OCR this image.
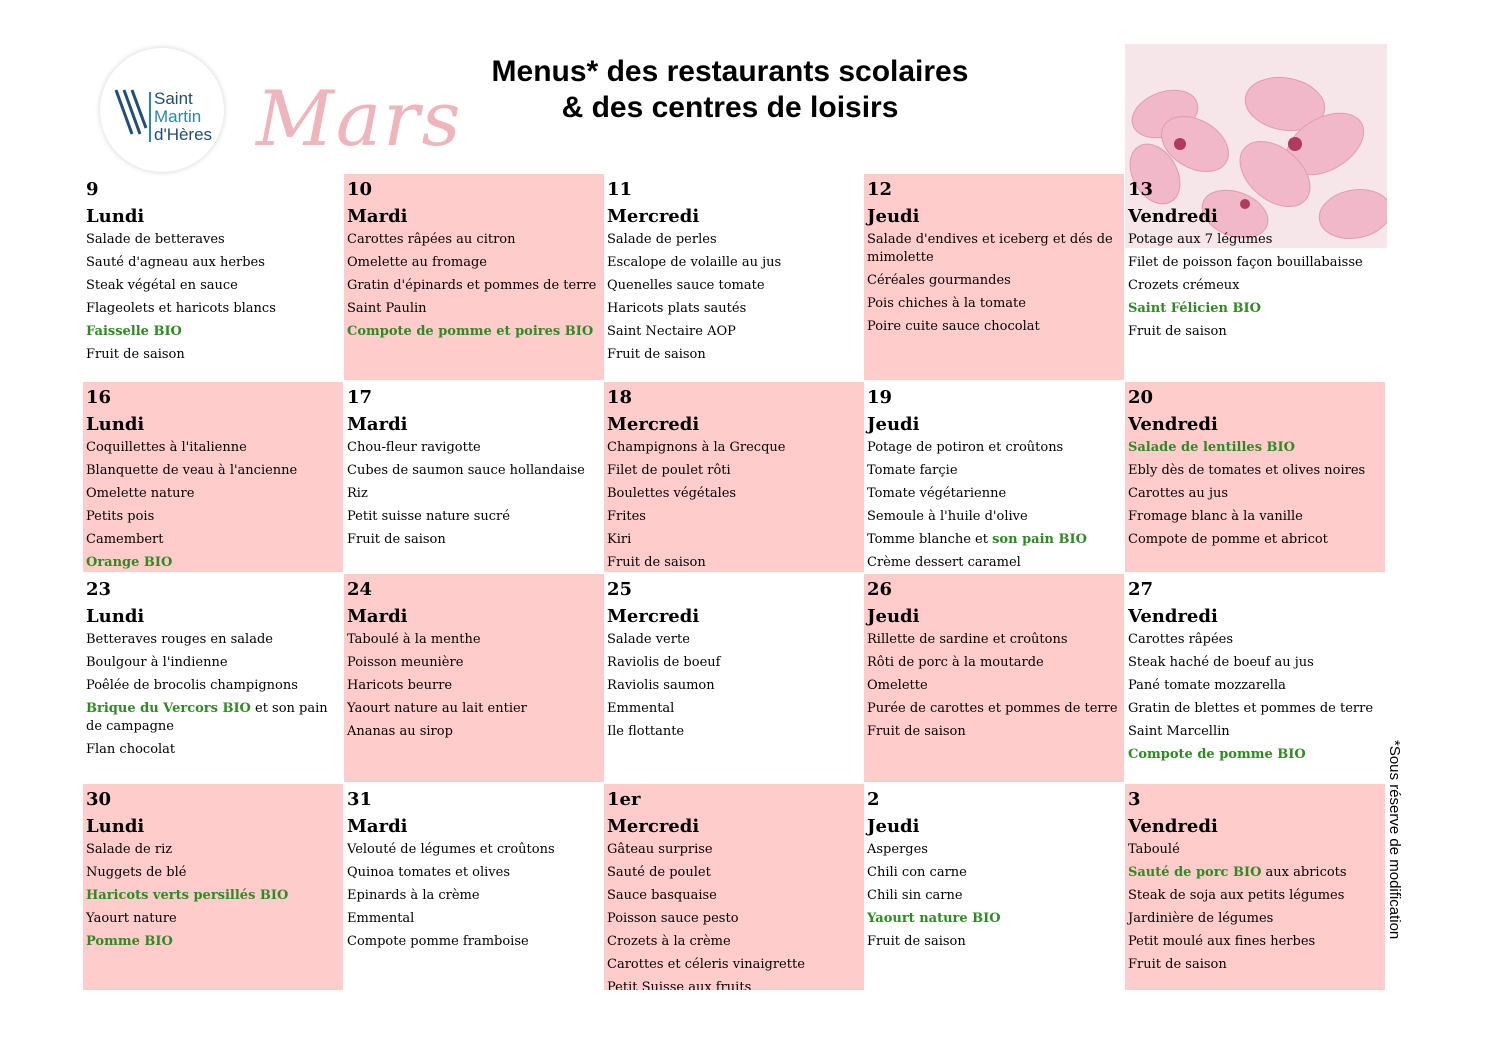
Saint
Martin
d'Hères Mars
Menus* des restaurants scolaires
& des centres de loisirs
9
Lundi
Salade de betteraves
Sauté d'agneau aux herbes
Steak végétal en sauce
Flageolets et haricots blancs
Faisselle BIO
Fruit de saison
10
Mardi
Carottes râpées au citron
Omelette au fromage
Gratin d'épinards et pommes de terre
Saint Paulin
Compote de pomme et poires BIO
11
Mercredi
Salade de perles
Escalope de volaille au jus
Quenelles sauce tomate
Haricots plats sautés
Saint Nectaire AOP
Fruit de saison
12
Jeudi
Salade d'endives et iceberg et dés de mimolette
Céréales gourmandes
Pois chiches à la tomate
Poire cuite sauce chocolat
13
Vendredi
Potage aux 7 légumes
Filet de poisson façon bouillabaisse
Crozets crémeux
Saint Félicien BIO
Fruit de saison
16
Lundi
Coquillettes à l'italienne
Blanquette de veau à l'ancienne
Omelette nature
Petits pois
Camembert
Orange BIO
17
Mardi
Chou-fleur ravigotte
Cubes de saumon sauce hollandaise
Riz
Petit suisse nature sucré
Fruit de saison
18
Mercredi
Champignons à la Grecque
Filet de poulet rôti
Boulettes végétales
Frites
Kiri
Fruit de saison
19
Jeudi
Potage de potiron et croûtons
Tomate farçie
Tomate végétarienne
Semoule à l'huile d'olive
Tomme blanche et son pain BIO
Crème dessert caramel
20
Vendredi
Salade de lentilles BIO
Ebly dès de tomates et olives noires
Carottes au jus
Fromage blanc à la vanille
Compote de pomme et abricot
23
Lundi
Betteraves rouges en salade
Boulgour à l'indienne
Poêlée de brocolis champignons
Brique du Vercors BIO et son pain de campagne
Flan chocolat
24
Mardi
Taboulé à la menthe
Poisson meunière
Haricots beurre
Yaourt nature au lait entier
Ananas au sirop
25
Mercredi
Salade verte
Raviolis de boeuf
Raviolis saumon
Emmental
Ile flottante
26
Jeudi
Rillette de sardine et croûtons
Rôti de porc à la moutarde
Omelette
Purée de carottes et pommes de terre
Fruit de saison
27
Vendredi
Carottes râpées
Steak haché de boeuf au jus
Pané tomate mozzarella
Gratin de blettes et pommes de terre
Saint Marcellin
Compote de pomme BIO
30
Lundi
Salade de riz
Nuggets de blé
Haricots verts persillés BIO
Yaourt nature
Pomme BIO
31
Mardi
Velouté de légumes et croûtons
Quinoa tomates et olives
Epinards à la crème
Emmental
Compote pomme framboise
1er
Mercredi
Gâteau surprise
Sauté de poulet
Sauce basquaise
Poisson sauce pesto
Crozets à la crème
Carottes et céleris vinaigrette
Petit Suisse aux fruits
2
Jeudi
Asperges
Chili con carne
Chili sin carne
Yaourt nature BIO
Fruit de saison
3
Vendredi
Taboulé
Sauté de porc BIO aux abricots
Steak de soja aux petits légumes
Jardinière de légumes
Petit moulé aux fines herbes
Fruit de saison
*Sous réserve de modification
